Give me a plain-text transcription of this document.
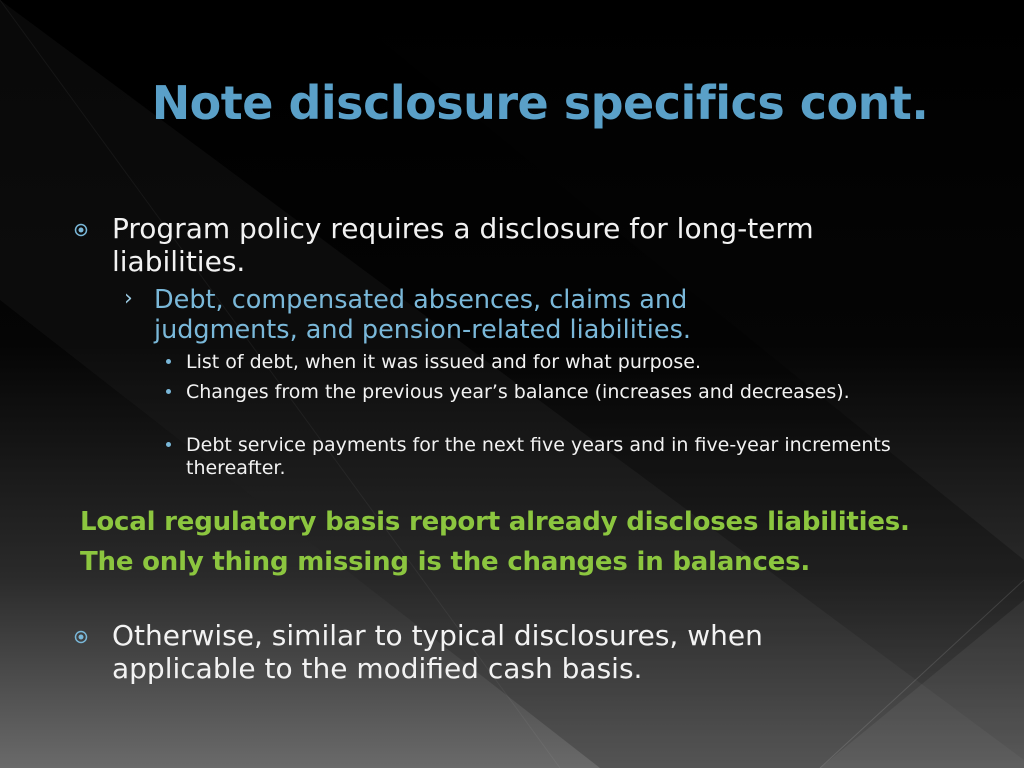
Note disclosure specifics cont.

Program policy requires a disclosure for long-term liabilities.

› Debt, compensated absences, claims and judgments, and pension-related liabilities.

List of debt, when it was issued and for what purpose.

Changes from the previous year’s balance (increases and decreases).

Debt service payments for the next five years and in five-year increments thereafter.

Local regulatory basis report already discloses liabilities.

The only thing missing is the changes in balances.

Otherwise, similar to typical disclosures, when applicable to the modified cash basis.
